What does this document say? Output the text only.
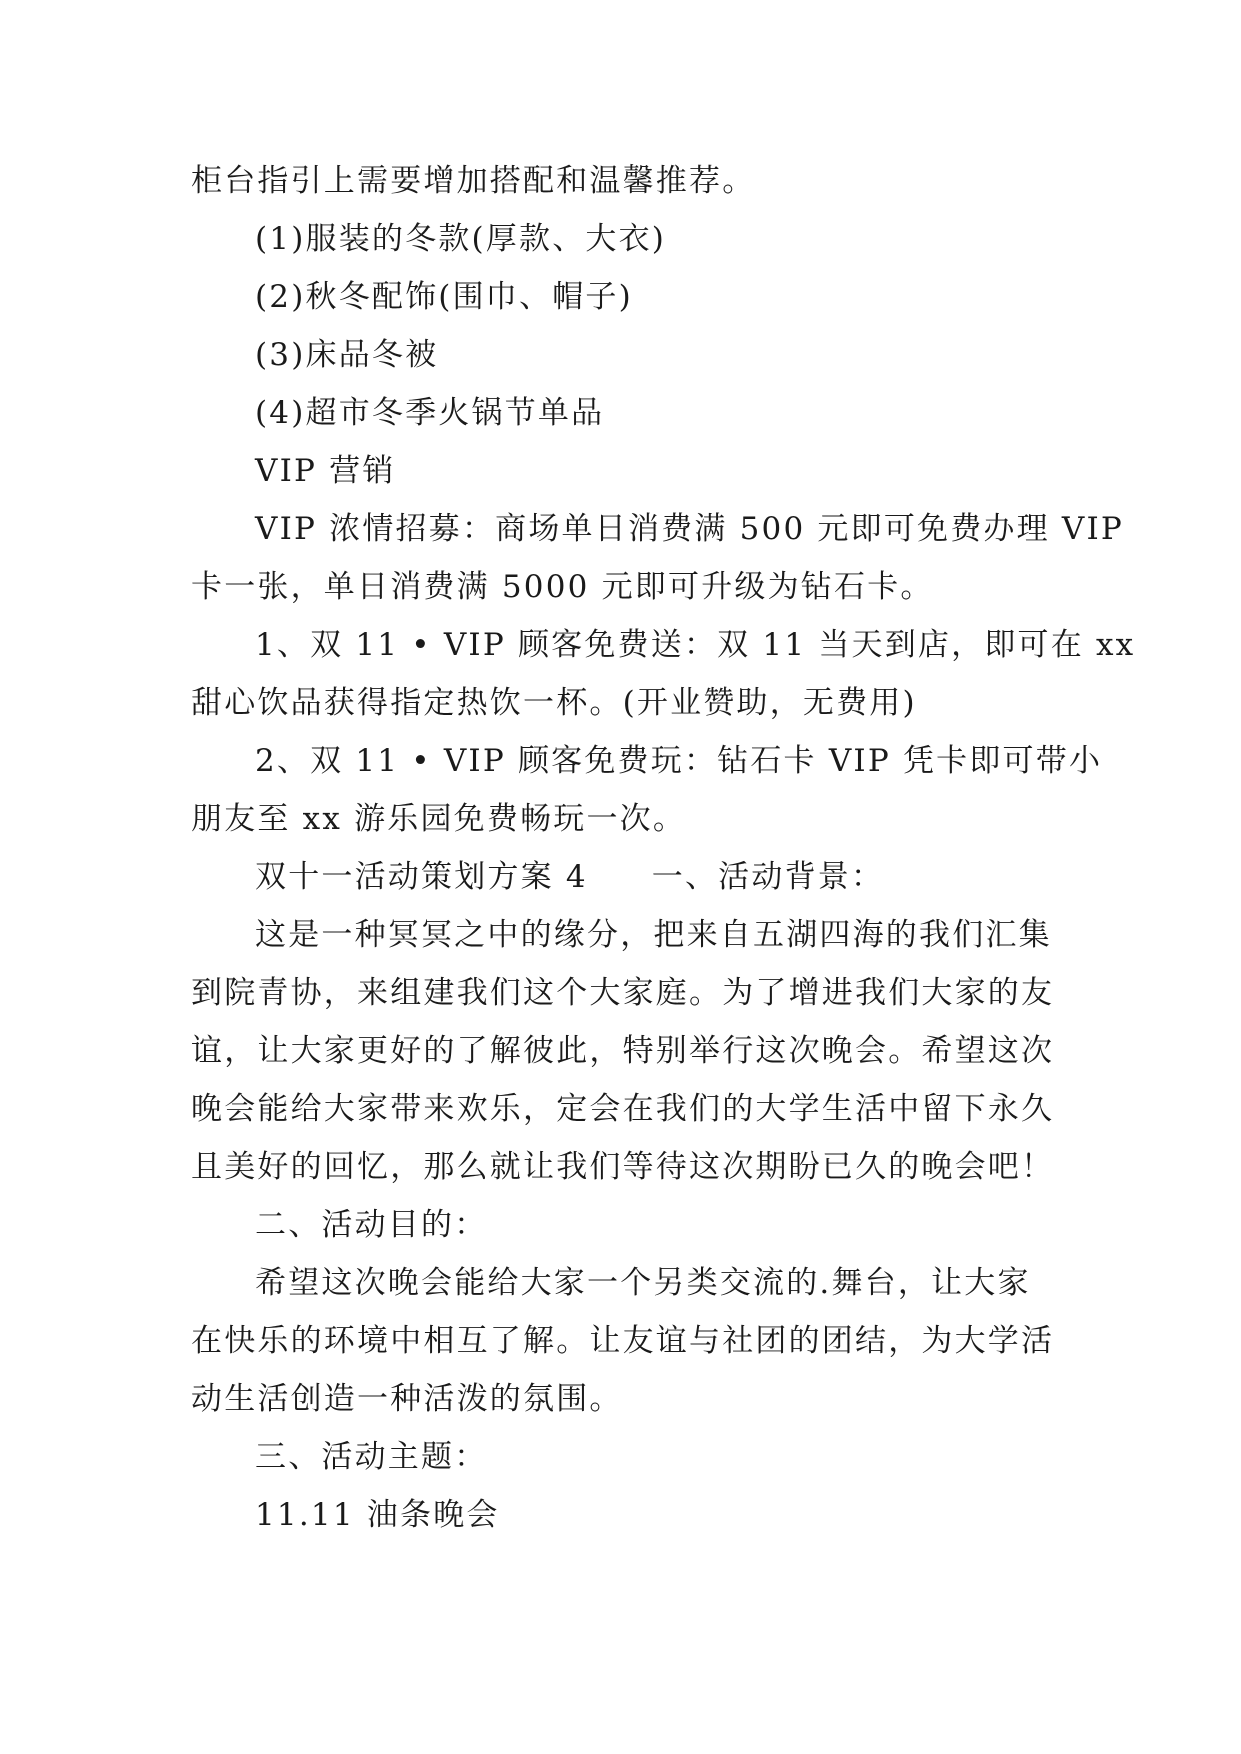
柜台指引上需要增加搭配和温馨推荐。
(1)服装的冬款(厚款、大衣)
(2)秋冬配饰(围巾、帽子)
(3)床品冬被
(4)超市冬季火锅节单品
VIP 营销
VIP 浓情招募：商场单日消费满 500 元即可免费办理 VIP
卡一张，单日消费满 5000 元即可升级为钻石卡。
1、双 11 • VIP 顾客免费送：双 11 当天到店，即可在 xx
甜心饮品获得指定热饮一杯。(开业赞助，无费用)
2、双 11 • VIP 顾客免费玩：钻石卡 VIP 凭卡即可带小
朋友至 xx 游乐园免费畅玩一次。
双十一活动策划方案 4 一、活动背景：
这是一种冥冥之中的缘分，把来自五湖四海的我们汇集
到院青协，来组建我们这个大家庭。为了增进我们大家的友
谊，让大家更好的了解彼此，特别举行这次晚会。希望这次
晚会能给大家带来欢乐，定会在我们的大学生活中留下永久
且美好的回忆，那么就让我们等待这次期盼已久的晚会吧！
二、活动目的：
希望这次晚会能给大家一个另类交流的.舞台，让大家
在快乐的环境中相互了解。让友谊与社团的团结，为大学活
动生活创造一种活泼的氛围。
三、活动主题：
11.11 油条晚会
